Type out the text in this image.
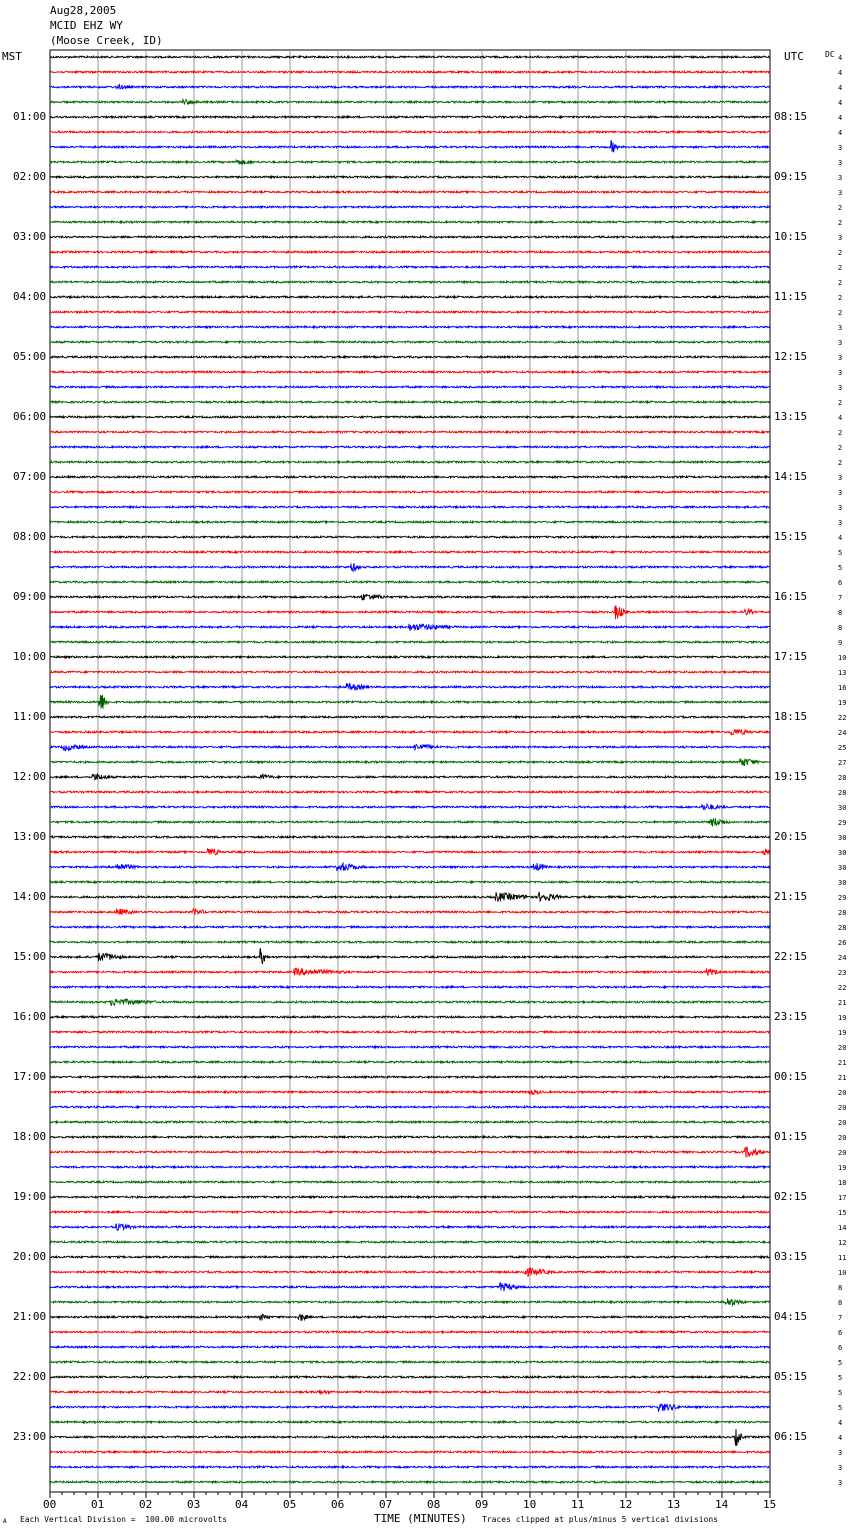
Aug28,2005
MCID EHZ WY
(Moose Creek, ID)
MST	UTC	DC
01:00
02:00
03:00
04:00
05:00
06:00
07:00
08:00
09:00
10:00
11:00
12:00
13:00
14:00
15:00
16:00
17:00
18:00
19:00
20:00
21:00
22:00
23:00
08:15
09:15
10:15
11:15
12:15
13:15
14:15
15:15
16:15
17:15
18:15
19:15
20:15
21:15
22:15
23:15
00:15
01:15
02:15
03:15
04:15
05:15
06:15
4
4
4
4
4
4
3
3
3
3
2
2
3
2
2
2
2
2
3
3
3
3
3
2
4
2
2
2
3
3
3
3
4
5
5
6
7
8
8
9
10
13
16
19
22
24
25
27
28
28
30
29
30
30
30
30
29
28
28
26
24
23
22
21
19
19
20
21
21
20
20
20
20
20
19
18
17
15
14
12
11
10
8
8
7
6
6
5
5
5
5
4
4
3
3
3
00	01	02	03	04	05	06	07	08	09	10	11	12	13	14	15
A Each Vertical Division =  100.00 microvolts	TIME (MINUTES) Traces clipped at plus/minus 5 vertical divisions
